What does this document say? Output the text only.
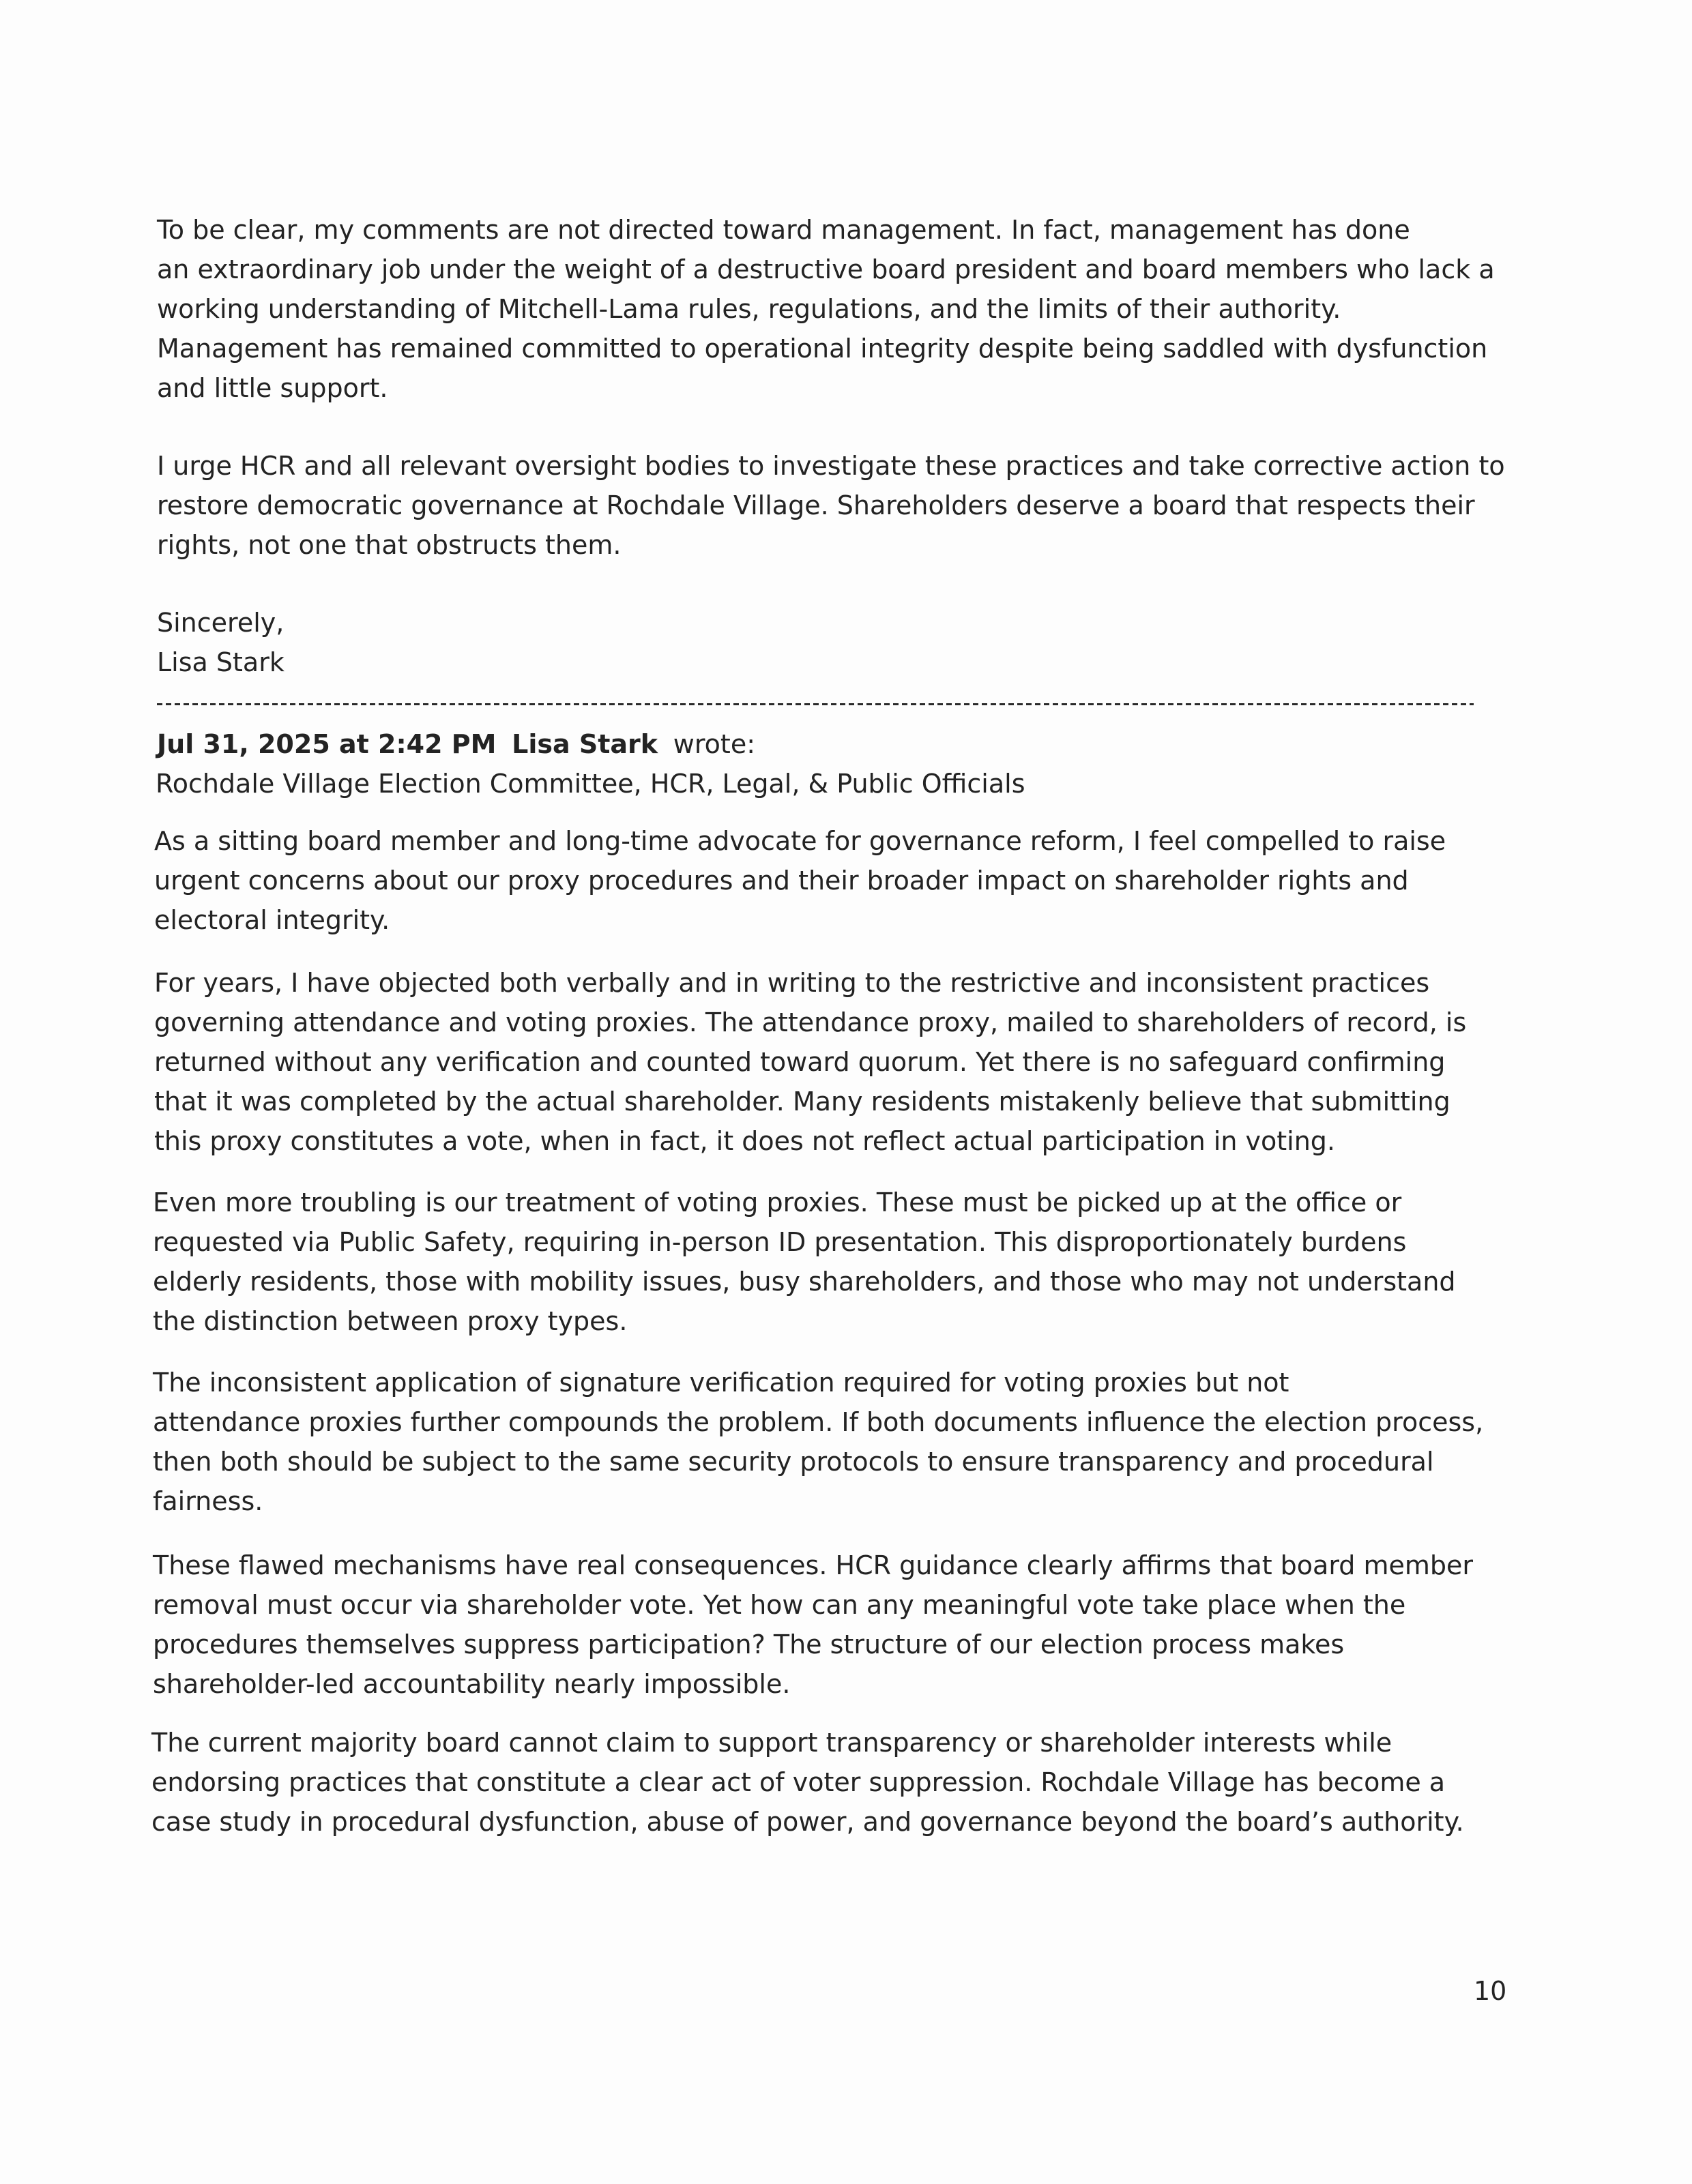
To be clear, my comments are not directed toward management. In fact, management has done
an extraordinary job under the weight of a destructive board president and board members who lack a
working understanding of Mitchell-Lama rules, regulations, and the limits of their authority.
Management has remained committed to operational integrity despite being saddled with dysfunction
and little support.

I urge HCR and all relevant oversight bodies to investigate these practices and take corrective action to
restore democratic governance at Rochdale Village. Shareholders deserve a board that respects their
rights, not one that obstructs them.

Sincerely,
Lisa Stark
Jul 31, 2025 at 2:42 PM Lisa Stark wrote:
Rochdale Village Election Committee, HCR, Legal, & Public Officials

As a sitting board member and long-time advocate for governance reform, I feel compelled to raise
urgent concerns about our proxy procedures and their broader impact on shareholder rights and
electoral integrity.

For years, I have objected both verbally and in writing to the restrictive and inconsistent practices
governing attendance and voting proxies. The attendance proxy, mailed to shareholders of record, is
returned without any verification and counted toward quorum. Yet there is no safeguard confirming
that it was completed by the actual shareholder. Many residents mistakenly believe that submitting
this proxy constitutes a vote, when in fact, it does not reflect actual participation in voting.

Even more troubling is our treatment of voting proxies. These must be picked up at the office or
requested via Public Safety, requiring in-person ID presentation. This disproportionately burdens
elderly residents, those with mobility issues, busy shareholders, and those who may not understand
the distinction between proxy types.

The inconsistent application of signature verification required for voting proxies but not
attendance proxies further compounds the problem. If both documents influence the election process,
then both should be subject to the same security protocols to ensure transparency and procedural
fairness.

These flawed mechanisms have real consequences. HCR guidance clearly affirms that board member
removal must occur via shareholder vote. Yet how can any meaningful vote take place when the
procedures themselves suppress participation? The structure of our election process makes
shareholder-led accountability nearly impossible.

The current majority board cannot claim to support transparency or shareholder interests while
endorsing practices that constitute a clear act of voter suppression. Rochdale Village has become a
case study in procedural dysfunction, abuse of power, and governance beyond the board’s authority.

10
